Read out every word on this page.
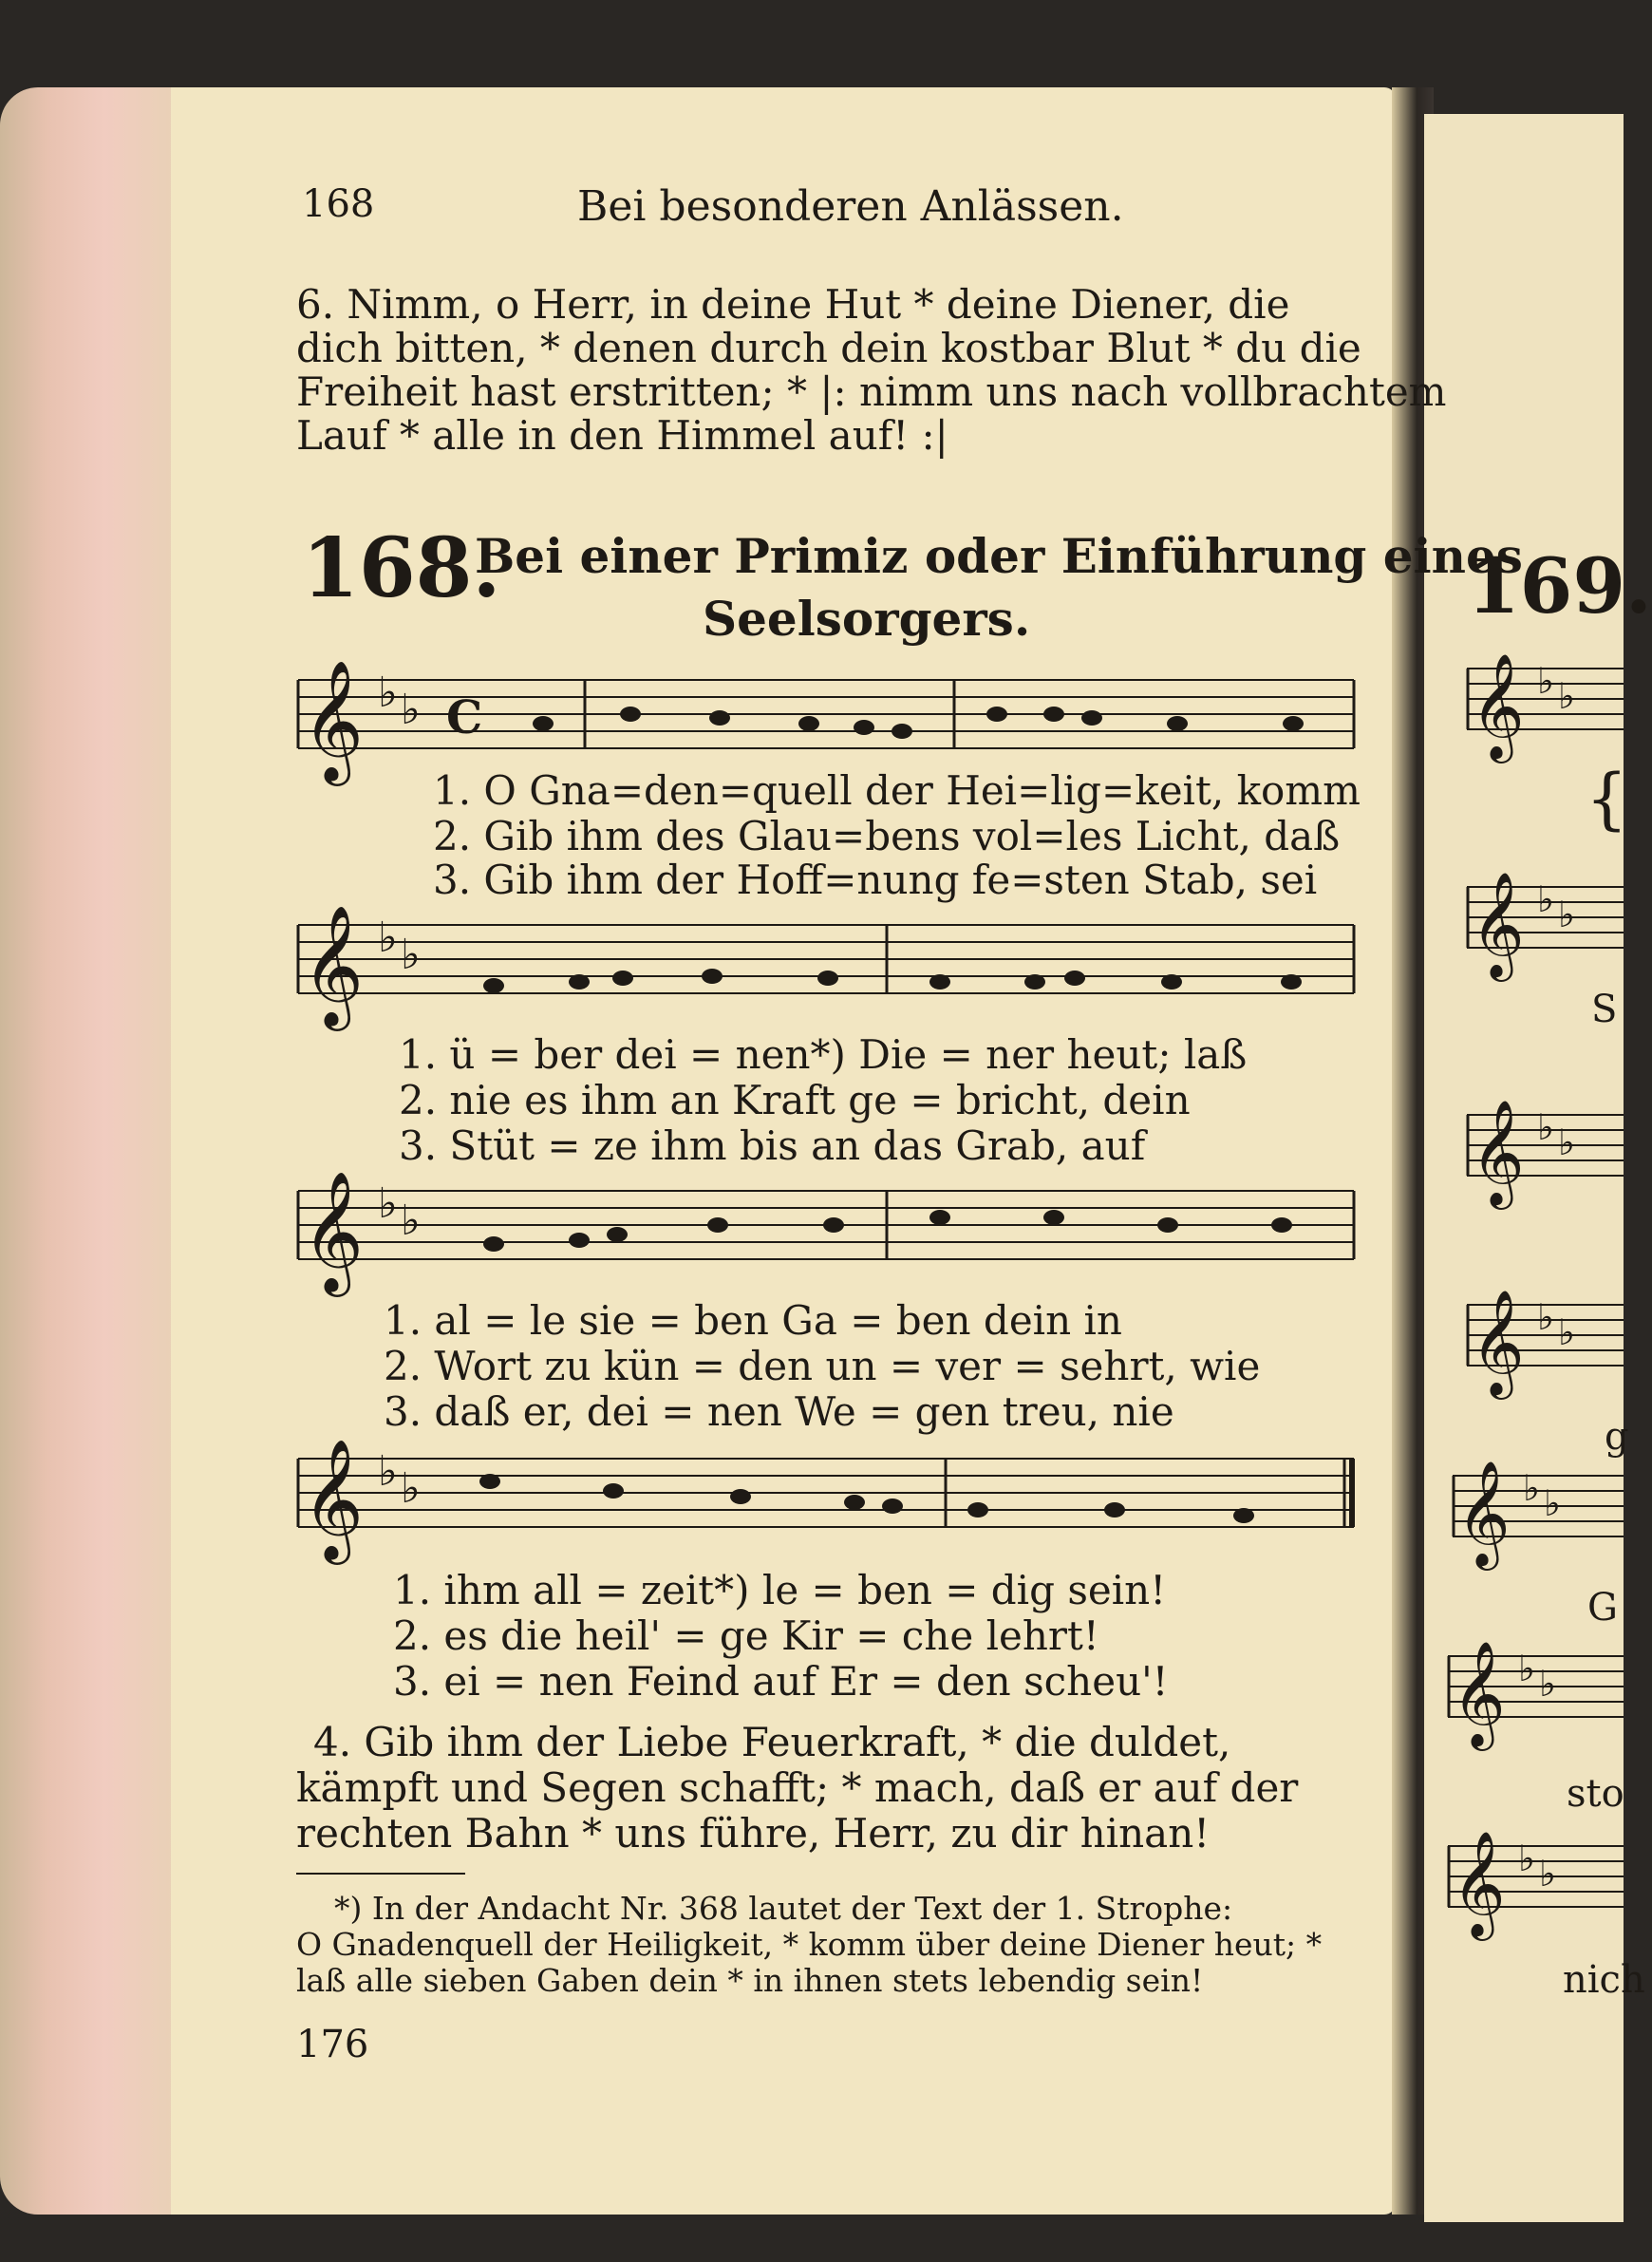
168	Bei besonderen Anlässen.
6. Nimm, o Herr, in deine Hut * deine Diener, die
dich bitten, * denen durch dein kostbar Blut * du die
Freiheit hast erstritten; * |: nimm uns nach vollbrachtem
Lauf * alle in den Himmel auf! :|
168.
Bei einer Primiz oder Einführung eines
Seelsorgers.
𝄞 ♭ ♭ C
1. O Gna=den=quell der Hei=lig=keit, komm
2. Gib ihm des Glau=bens vol=les Licht, daß
3. Gib ihm der Hoff=nung fe=sten Stab, sei
𝄞 ♭ ♭
1. ü = ber dei = nen*) Die = ner heut; laß
2. nie es ihm an Kraft ge = bricht, dein
3. Stüt = ze ihm bis an das Grab, auf
𝄞 ♭ ♭
1. al = le sie = ben Ga = ben dein in
2. Wort zu kün = den un = ver = sehrt, wie
3. daß er, dei = nen We = gen treu, nie
𝄞 ♭ ♭
1. ihm all = zeit*) le = ben = dig sein!
2. es die heil' = ge Kir = che lehrt!
3. ei = nen Feind auf Er = den scheu'!
4. Gib ihm der Liebe Feuerkraft, * die duldet,
kämpft und Segen schafft; * mach, daß er auf der
rechten Bahn * uns führe, Herr, zu dir hinan!
*) In der Andacht Nr. 368 lautet der Text der 1. Strophe:
O Gnadenquell der Heiligkeit, * komm über deine Diener heut; *
laß alle sieben Gaben dein * in ihnen stets lebendig sein!
176
169.
𝄞 ♭ ♭
{
𝄞 ♭ ♭
S
𝄞 ♭ ♭
𝄞 ♭ ♭
g
𝄞 ♭ ♭
G
𝄞 ♭ ♭
sto
𝄞 ♭ ♭
nich
